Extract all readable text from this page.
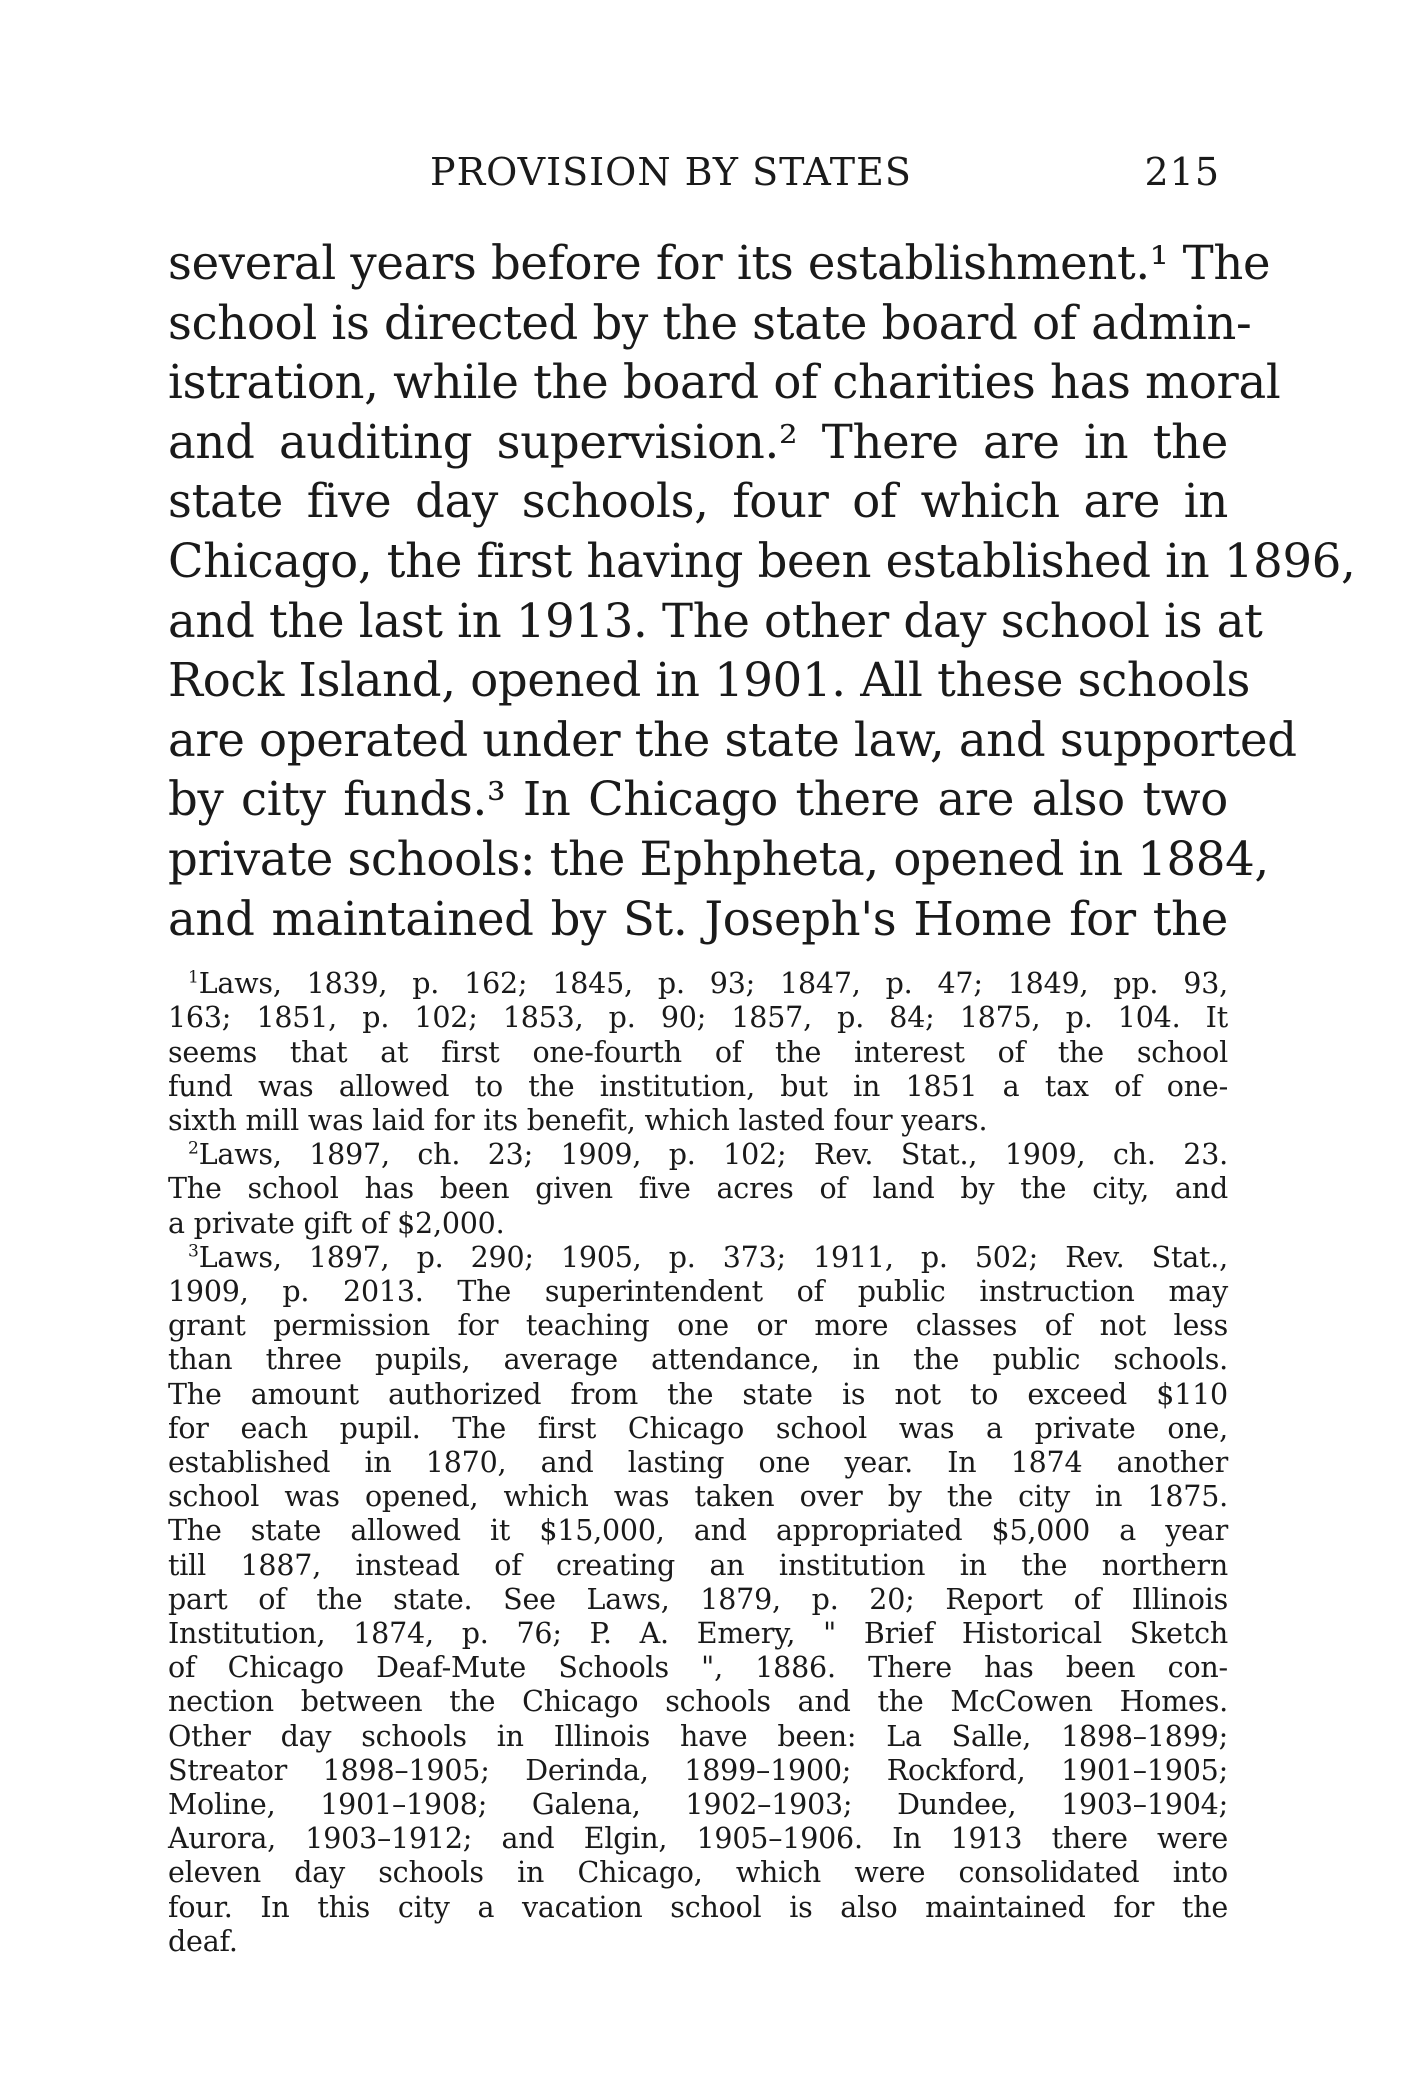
PROVISION BY STATES	215
several years before for its establishment.¹ The
school is directed by the state board of admin-
istration, while the board of charities has moral
and auditing supervision.² There are in the
state five day schools, four of which are in
Chicago, the first having been established in 1896,
and the last in 1913. The other day school is at
Rock Island, opened in 1901. All these schools
are operated under the state law, and supported
by city funds.³ In Chicago there are also two
private schools: the Ephpheta, opened in 1884,
and maintained by St. Joseph's Home for the
$^1$Laws, 1839, p. 162; 1845, p. 93; 1847, p. 47; 1849, pp. 93,
163; 1851, p. 102; 1853, p. 90; 1857, p. 84; 1875, p. 104. It
seems that at first one-fourth of the interest of the school
fund was allowed to the institution, but in 1851 a tax of one-
sixth mill was laid for its benefit, which lasted four years.
$^2$Laws, 1897, ch. 23; 1909, p. 102; Rev. Stat., 1909, ch. 23.
The school has been given five acres of land by the city, and
a private gift of $2,000.
$^3$Laws, 1897, p. 290; 1905, p. 373; 1911, p. 502; Rev. Stat.,
1909, p. 2013. The superintendent of public instruction may
grant permission for teaching one or more classes of not less
than three pupils, average attendance, in the public schools.
The amount authorized from the state is not to exceed $110
for each pupil. The first Chicago school was a private one,
established in 1870, and lasting one year. In 1874 another
school was opened, which was taken over by the city in 1875.
The state allowed it $15,000, and appropriated $5,000 a year
till 1887, instead of creating an institution in the northern
part of the state. See Laws, 1879, p. 20; Report of Illinois
Institution, 1874, p. 76; P. A. Emery, " Brief Historical Sketch
of Chicago Deaf-Mute Schools ", 1886. There has been con-
nection between the Chicago schools and the McCowen Homes.
Other day schools in Illinois have been: La Salle, 1898–1899;
Streator 1898–1905; Derinda, 1899–1900; Rockford, 1901–1905;
Moline, 1901–1908; Galena, 1902–1903; Dundee, 1903–1904;
Aurora, 1903–1912; and Elgin, 1905–1906. In 1913 there were
eleven day schools in Chicago, which were consolidated into
four. In this city a vacation school is also maintained for the
deaf.
